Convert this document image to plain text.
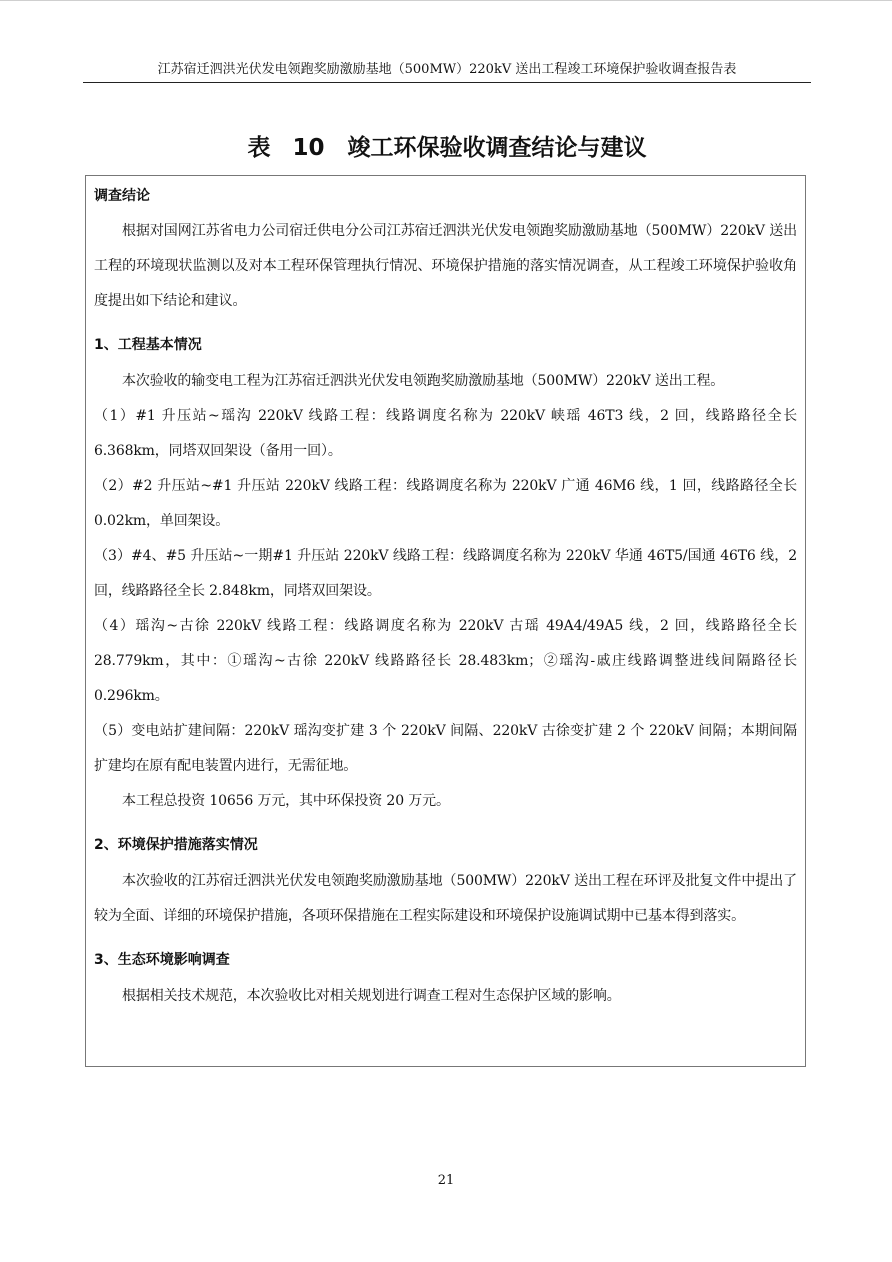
江苏宿迁泗洪光伏发电领跑奖励激励基地（500MW）220kV 送出工程竣工环境保护验收调查报告表
表 10　竣工环保验收调查结论与建议

调查结论

根据对国网江苏省电力公司宿迁供电分公司江苏宿迁泗洪光伏发电领跑奖励激励基地（500MW）220kV 送出工程的环境现状监测以及对本工程环保管理执行情况、环境保护措施的落实情况调查，从工程竣工环境保护验收角度提出如下结论和建议。

1、工程基本情况

本次验收的输变电工程为江苏宿迁泗洪光伏发电领跑奖励激励基地（500MW）220kV 送出工程。

（1）#1 升压站~瑶沟 220kV 线路工程：线路调度名称为 220kV 峡瑶 46T3 线，2 回，线路路径全长 6.368km，同塔双回架设（备用一回）。

（2）#2 升压站~#1 升压站 220kV 线路工程：线路调度名称为 220kV 广通 46M6 线，1 回，线路路径全长 0.02km，单回架设。

（3）#4、#5 升压站~一期#1 升压站 220kV 线路工程：线路调度名称为 220kV 华通 46T5/国通 46T6 线，2 回，线路路径全长 2.848km，同塔双回架设。

（4）瑶沟~古徐 220kV 线路工程：线路调度名称为 220kV 古瑶 49A4/49A5 线，2 回，线路路径全长 28.779km，其中：①瑶沟~古徐 220kV 线路路径长 28.483km；②瑶沟-戚庄线路调整进线间隔路径长 0.296km。

（5）变电站扩建间隔：220kV 瑶沟变扩建 3 个 220kV 间隔、220kV 古徐变扩建 2 个 220kV 间隔；本期间隔扩建均在原有配电装置内进行，无需征地。

本工程总投资 10656 万元，其中环保投资 20 万元。

2、环境保护措施落实情况

本次验收的江苏宿迁泗洪光伏发电领跑奖励激励基地（500MW）220kV 送出工程在环评及批复文件中提出了较为全面、详细的环境保护措施，各项环保措施在工程实际建设和环境保护设施调试期中已基本得到落实。

3、生态环境影响调查

根据相关技术规范，本次验收比对相关规划进行调查工程对生态保护区域的影响。

21
